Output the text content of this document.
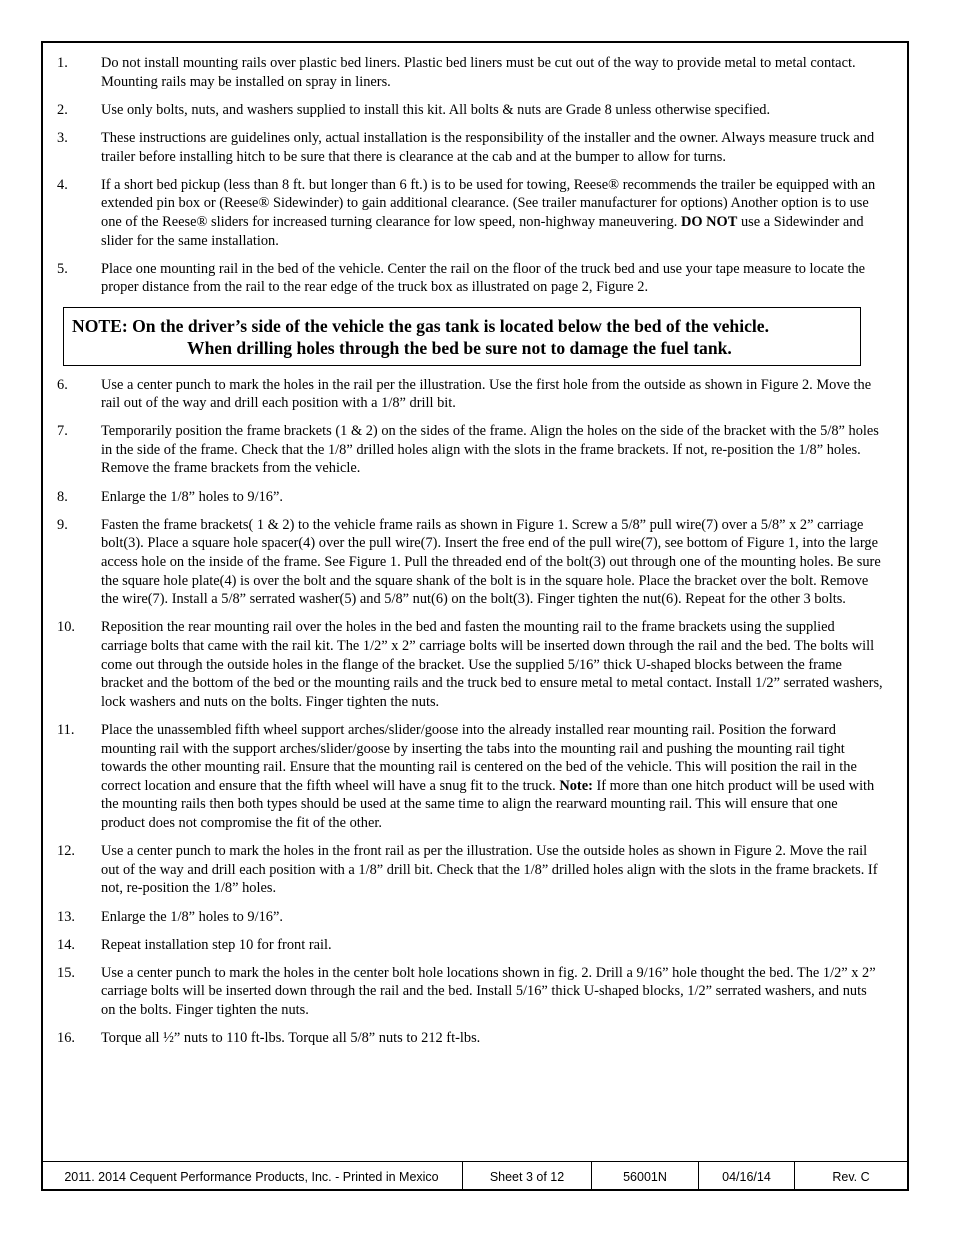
1.	Do not install mounting rails over plastic bed liners. Plastic bed liners must be cut out of the way to provide metal to metal contact. Mounting rails may be installed on spray in liners.
2.	Use only bolts, nuts, and washers supplied to install this kit. All bolts & nuts are Grade 8 unless otherwise specified.
3.	These instructions are guidelines only, actual installation is the responsibility of the installer and the owner. Always measure truck and trailer before installing hitch to be sure that there is clearance at the cab and at the bumper to allow for turns.
4.	If a short bed pickup (less than 8 ft. but longer than 6 ft.) is to be used for towing, Reese® recommends the trailer be equipped with an extended pin box or (Reese® Sidewinder) to gain additional clearance. (See trailer manufacturer for options) Another option is to use one of the Reese® sliders for increased turning clearance for low speed, non-highway maneuvering. DO NOT use a Sidewinder and slider for the same installation.
5.	Place one mounting rail in the bed of the vehicle. Center the rail on the floor of the truck bed and use your tape measure to locate the proper distance from the rail to the rear edge of the truck box as illustrated on page 2, Figure 2.
NOTE: On the driver’s side of the vehicle the gas tank is located below the bed of the vehicle.
When drilling holes through the bed be sure not to damage the fuel tank.
6.	Use a center punch to mark the holes in the rail per the illustration. Use the first hole from the outside as shown in Figure 2. Move the rail out of the way and drill each position with a 1/8” drill bit.
7.	Temporarily position the frame brackets (1 & 2) on the sides of the frame. Align the holes on the side of the bracket with the 5/8” holes in the side of the frame. Check that the 1/8” drilled holes align with the slots in the frame brackets. If not, re-position the 1/8” holes. Remove the frame brackets from the vehicle.
8.	Enlarge the 1/8” holes to 9/16”.
9.	Fasten the frame brackets( 1 & 2) to the vehicle frame rails as shown in Figure 1. Screw a 5/8” pull wire(7) over a 5/8” x 2” carriage bolt(3). Place a square hole spacer(4) over the pull wire(7). Insert the free end of the pull wire(7), see bottom of Figure 1, into the large access hole on the inside of the frame. See Figure 1. Pull the threaded end of the bolt(3) out through one of the mounting holes. Be sure the square hole plate(4) is over the bolt and the square shank of the bolt is in the square hole. Place the bracket over the bolt. Remove the wire(7). Install a 5/8” serrated washer(5) and 5/8” nut(6) on the bolt(3). Finger tighten the nut(6). Repeat for the other 3 bolts.
10.	Reposition the rear mounting rail over the holes in the bed and fasten the mounting rail to the frame brackets using the supplied carriage bolts that came with the rail kit. The 1/2” x 2” carriage bolts will be inserted down through the rail and the bed. The bolts will come out through the outside holes in the flange of the bracket. Use the supplied 5/16” thick U-shaped blocks between the frame bracket and the bottom of the bed or the mounting rails and the truck bed to ensure metal to metal contact. Install 1/2” serrated washers, lock washers and nuts on the bolts. Finger tighten the nuts.
11.	Place the unassembled fifth wheel support arches/slider/goose into the already installed rear mounting rail. Position the forward mounting rail with the support arches/slider/goose by inserting the tabs into the mounting rail and pushing the mounting rail tight towards the other mounting rail. Ensure that the mounting rail is centered on the bed of the vehicle. This will position the rail in the correct location and ensure that the fifth wheel will have a snug fit to the truck. Note: If more than one hitch product will be used with the mounting rails then both types should be used at the same time to align the rearward mounting rail. This will ensure that one product does not compromise the fit of the other.
12.	Use a center punch to mark the holes in the front rail as per the illustration. Use the outside holes as shown in Figure 2. Move the rail out of the way and drill each position with a 1/8” drill bit. Check that the 1/8” drilled holes align with the slots in the frame brackets. If not, re-position the 1/8” holes.
13.	Enlarge the 1/8” holes to 9/16”.
14.	Repeat installation step 10 for front rail.
15.	Use a center punch to mark the holes in the center bolt hole locations shown in fig. 2. Drill a 9/16” hole thought the bed. The 1/2” x 2” carriage bolts will be inserted down through the rail and the bed. Install 5/16” thick U-shaped blocks, 1/2” serrated washers, and nuts on the bolts. Finger tighten the nuts.
16.	Torque all ½” nuts to 110 ft-lbs. Torque all 5/8” nuts to 212 ft-lbs.
2011. 2014 Cequent Performance Products, Inc. - Printed in Mexico	Sheet 3 of 12	56001N	04/16/14	Rev. C
